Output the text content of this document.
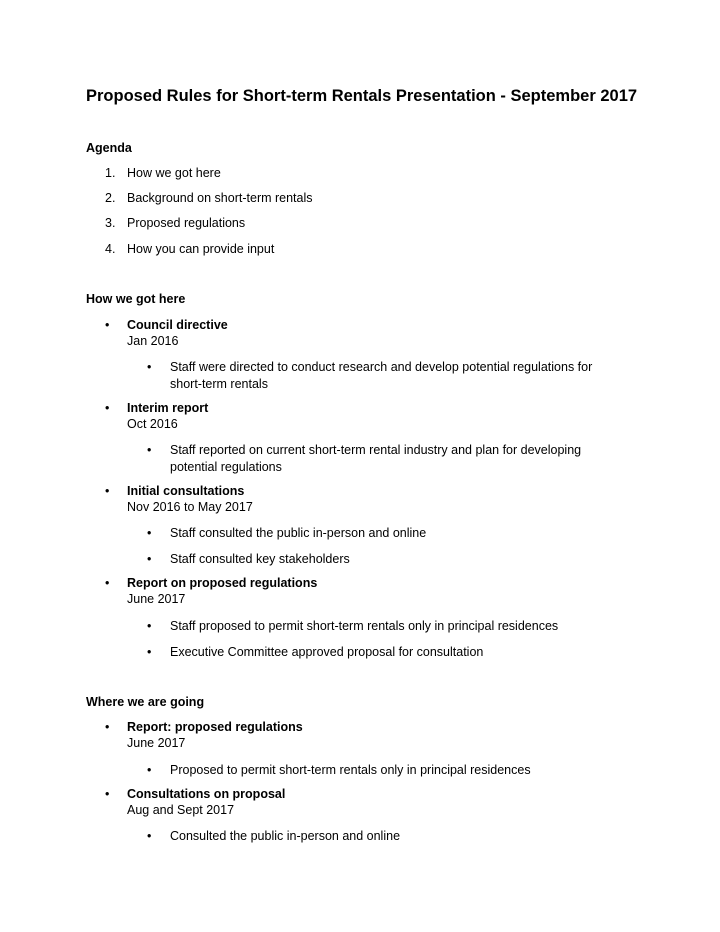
Proposed Rules for Short-term Rentals Presentation - September 2017
Agenda
1. How we got here
2. Background on short-term rentals
3. Proposed regulations
4. How you can provide input
How we got here
• Council directive
Jan 2016
• Staff were directed to conduct research and develop potential regulations for short-term rentals
• Interim report
Oct 2016
• Staff reported on current short-term rental industry and plan for developing potential regulations
• Initial consultations
Nov 2016 to May 2017
• Staff consulted the public in-person and online
• Staff consulted key stakeholders
• Report on proposed regulations
June 2017
• Staff proposed to permit short-term rentals only in principal residences
• Executive Committee approved proposal for consultation
Where we are going
• Report: proposed regulations
June 2017
• Proposed to permit short-term rentals only in principal residences
• Consultations on proposal
Aug and Sept 2017
• Consulted the public in-person and online
